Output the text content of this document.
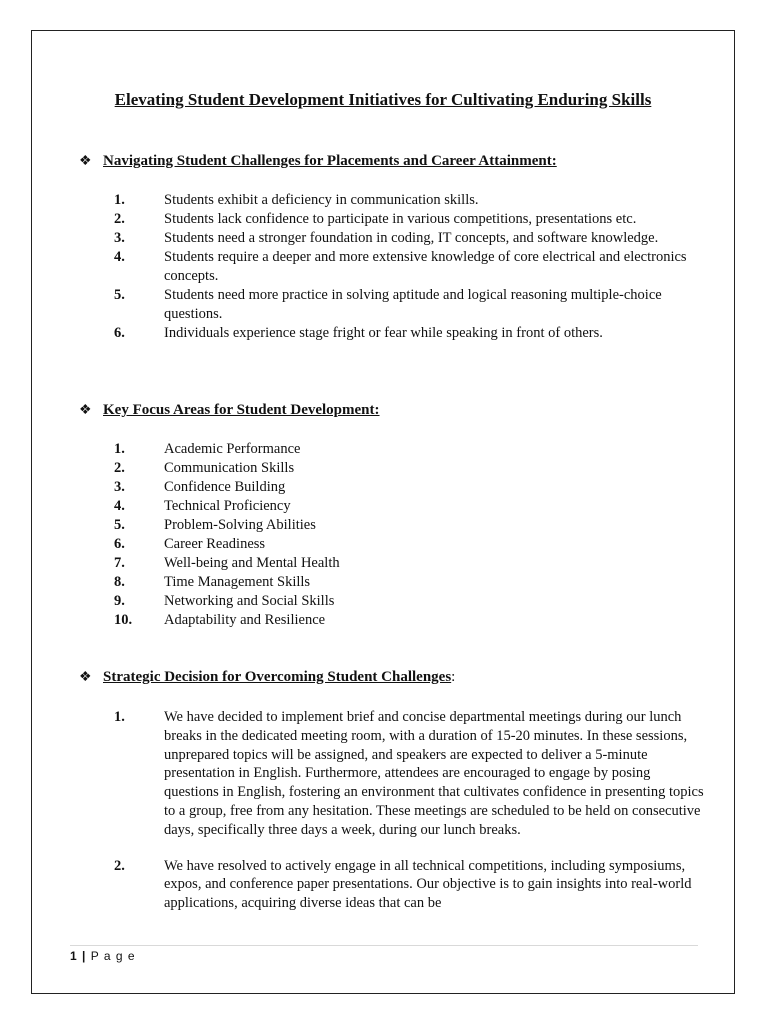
Elevating Student Development Initiatives for Cultivating Enduring Skills
❖ Navigating Student Challenges for Placements and Career Attainment:
1.	Students exhibit a deficiency in communication skills.
2.	Students lack confidence to participate in various competitions, presentations etc.
3.	Students need a stronger foundation in coding, IT concepts, and software knowledge.
4.	Students require a deeper and more extensive knowledge of core electrical and electronics concepts.
5.	Students need more practice in solving aptitude and logical reasoning multiple-choice questions.
6.	Individuals experience stage fright or fear while speaking in front of others.
❖ Key Focus Areas for Student Development:
1.	Academic Performance
2.	Communication Skills
3.	Confidence Building
4.	Technical Proficiency
5.	Problem-Solving Abilities
6.	Career Readiness
7.	Well-being and Mental Health
8.	Time Management Skills
9.	Networking and Social Skills
10.	Adaptability and Resilience
❖ Strategic Decision for Overcoming Student Challenges :
1.	We have decided to implement brief and concise departmental meetings during our lunch breaks in the dedicated meeting room, with a duration of 15-20 minutes. In these sessions, unprepared topics will be assigned, and speakers are expected to deliver a 5-minute presentation in English. Furthermore, attendees are encouraged to engage by posing questions in English, fostering an environment that cultivates confidence in presenting topics to a group, free from any hesitation. These meetings are scheduled to be held on consecutive days, specifically three days a week, during our lunch breaks.
2.	We have resolved to actively engage in all technical competitions, including symposiums, expos, and conference paper presentations. Our objective is to gain insights into real-world applications, acquiring diverse ideas that can be
1 | P a g e
